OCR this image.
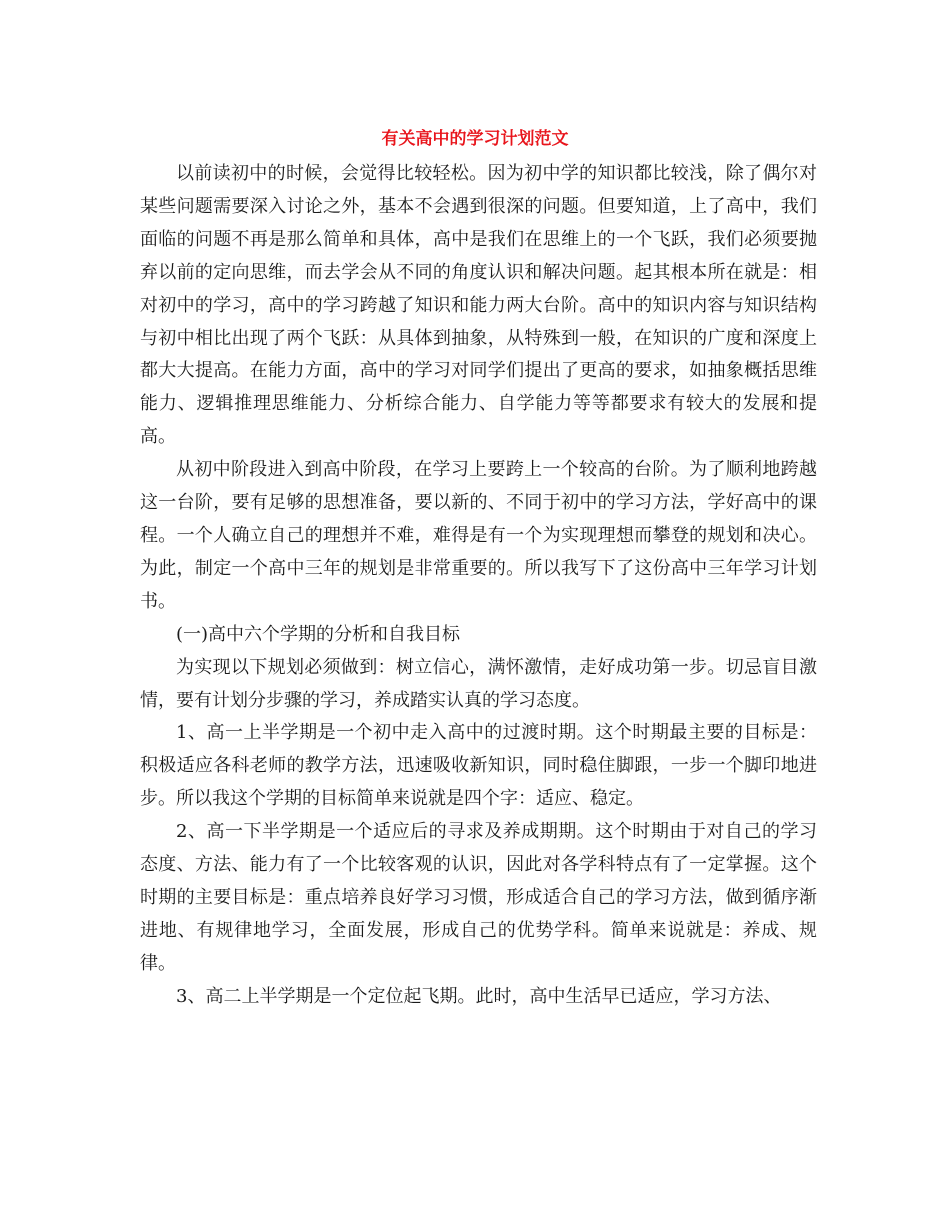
有关高中的学习计划范文

以前读初中的时候，会觉得比较轻松。因为初中学的知识都比较浅，除了偶尔对某些问题需要深入讨论之外，基本不会遇到很深的问题。但要知道，上了高中，我们面临的问题不再是那么简单和具体，高中是我们在思维上的一个飞跃，我们必须要抛弃以前的定向思维，而去学会从不同的角度认识和解决问题。起其根本所在就是：相对初中的学习，高中的学习跨越了知识和能力两大台阶。高中的知识内容与知识结构与初中相比出现了两个飞跃：从具体到抽象，从特殊到一般，在知识的广度和深度上都大大提高。在能力方面，高中的学习对同学们提出了更高的要求，如抽象概括思维能力、逻辑推理思维能力、分析综合能力、自学能力等等都要求有较大的发展和提高。

从初中阶段进入到高中阶段，在学习上要跨上一个较高的台阶。为了顺利地跨越这一台阶，要有足够的思想准备，要以新的、不同于初中的学习方法，学好高中的课程。一个人确立自己的理想并不难，难得是有一个为实现理想而攀登的规划和决心。为此，制定一个高中三年的规划是非常重要的。所以我写下了这份高中三年学习计划书。

(一)高中六个学期的分析和自我目标

为实现以下规划必须做到：树立信心，满怀激情，走好成功第一步。切忌盲目激情，要有计划分步骤的学习，养成踏实认真的学习态度。

1、高一上半学期是一个初中走入高中的过渡时期。这个时期最主要的目标是：积极适应各科老师的教学方法，迅速吸收新知识，同时稳住脚跟，一步一个脚印地进步。所以我这个学期的目标简单来说就是四个字：适应、稳定。

2、高一下半学期是一个适应后的寻求及养成期期。这个时期由于对自己的学习态度、方法、能力有了一个比较客观的认识，因此对各学科特点有了一定掌握。这个时期的主要目标是：重点培养良好学习习惯，形成适合自己的学习方法，做到循序渐进地、有规律地学习，全面发展，形成自己的优势学科。简单来说就是：养成、规律。

3、高二上半学期是一个定位起飞期。此时，高中生活早已适应，学习方法、
